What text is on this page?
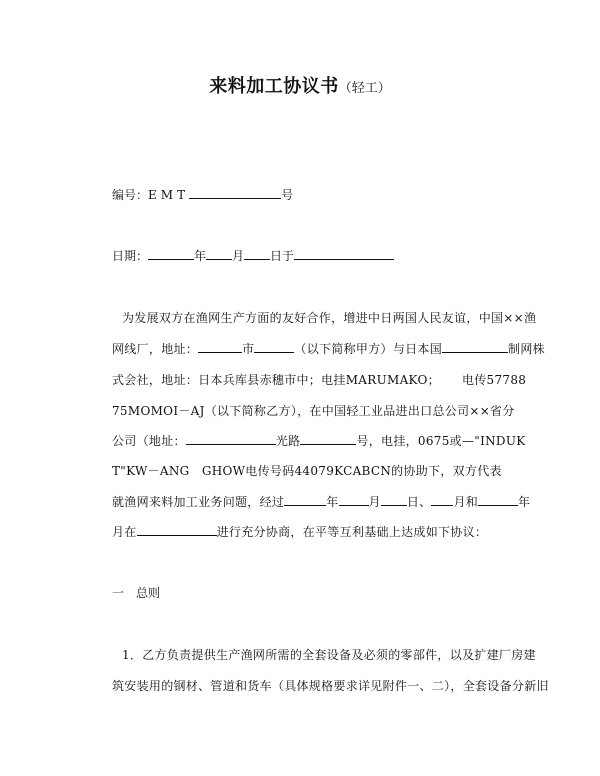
来料加工协议书（轻工）
编号：EMT	号
日期：	年 月 日于
为发展双方在渔网生产方面的友好合作，增进中日两国人民友谊，中国××渔
网线厂，地址：	市	（以下简称甲方）与日本国	制网株
式会社，地址：日本兵库县赤穗市中；电挂MARUMAKO； 电传57788
75MOMOI－AJ（以下简称乙方），在中国轻工业品进出口总公司××省分
公司（地址：	光路	号，电挂，0675或—"INDUK
T"KW－ANG　GHOW电传号码44079KCABCN的协助下，双方代表
就渔网来料加工业务问题，经过	年	月 日、 月和	年
月在	进行充分协商，在平等互利基础上达成如下协议：
一　总则
1．乙方负责提供生产渔网所需的全套设备及必须的零部件，以及扩建厂房建
筑安装用的钢材、管道和货车（具体规格要求详见附件一、二），全套设备分新旧
